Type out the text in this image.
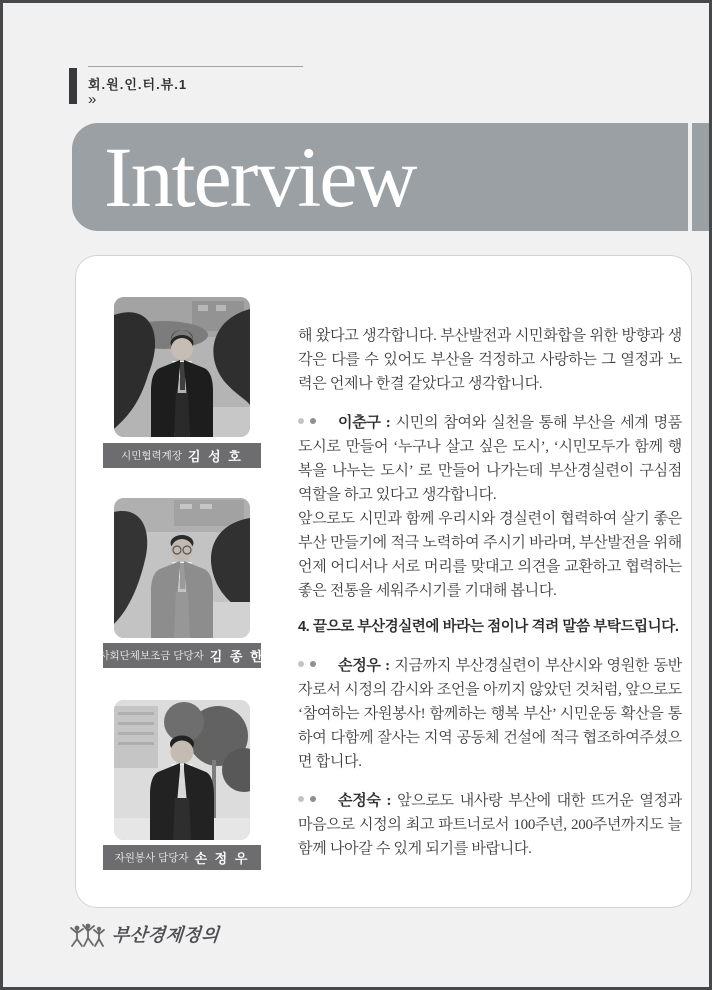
회.원.인.터.뷰.1
»
Interview
시민협력계장 김 성 호
사회단체보조금 담당자 김 종 한
자원봉사 담당자 손 정 우

해 왔다고 생각합니다. 부산발전과 시민화합을 위한 방향과 생각은 다를 수 있어도 부산을 걱정하고 사랑하는 그 열정과 노력은 언제나 한결 같았다고 생각합니다.

이춘구 : 시민의 참여와 실천을 통해 부산을 세계 명품 도시로 만들어 ‘누구나 살고 싶은 도시’, ‘시민모두가 함께 행복을 나누는 도시’ 로 만들어 나가는데 부산경실련이 구심점 역할을 하고 있다고 생각합니다.

앞으로도 시민과 함께 우리시와 경실련이 협력하여 살기 좋은 부산 만들기에 적극 노력하여 주시기 바라며, 부산발전을 위해 언제 어디서나 서로 머리를 맞대고 의견을 교환하고 협력하는 좋은 전통을 세워주시기를 기대해 봅니다.

4. 끝으로 부산경실련에 바라는 점이나 격려 말씀 부탁드립니다.

손정우 : 지금까지 부산경실련이 부산시와 영원한 동반자로서 시정의 감시와 조언을 아끼지 않았던 것처럼, 앞으로도 ‘참여하는 자원봉사! 함께하는 행복 부산’ 시민운동 확산을 통하여 다함께 잘사는 지역 공동체 건설에 적극 협조하여주셨으면 합니다.

손정숙 : 앞으로도 내사랑 부산에 대한 뜨거운 열정과 마음으로 시정의 최고 파트너로서 100주년, 200주년까지도 늘 함께 나아갈 수 있게 되기를 바랍니다.

부산경제정의
